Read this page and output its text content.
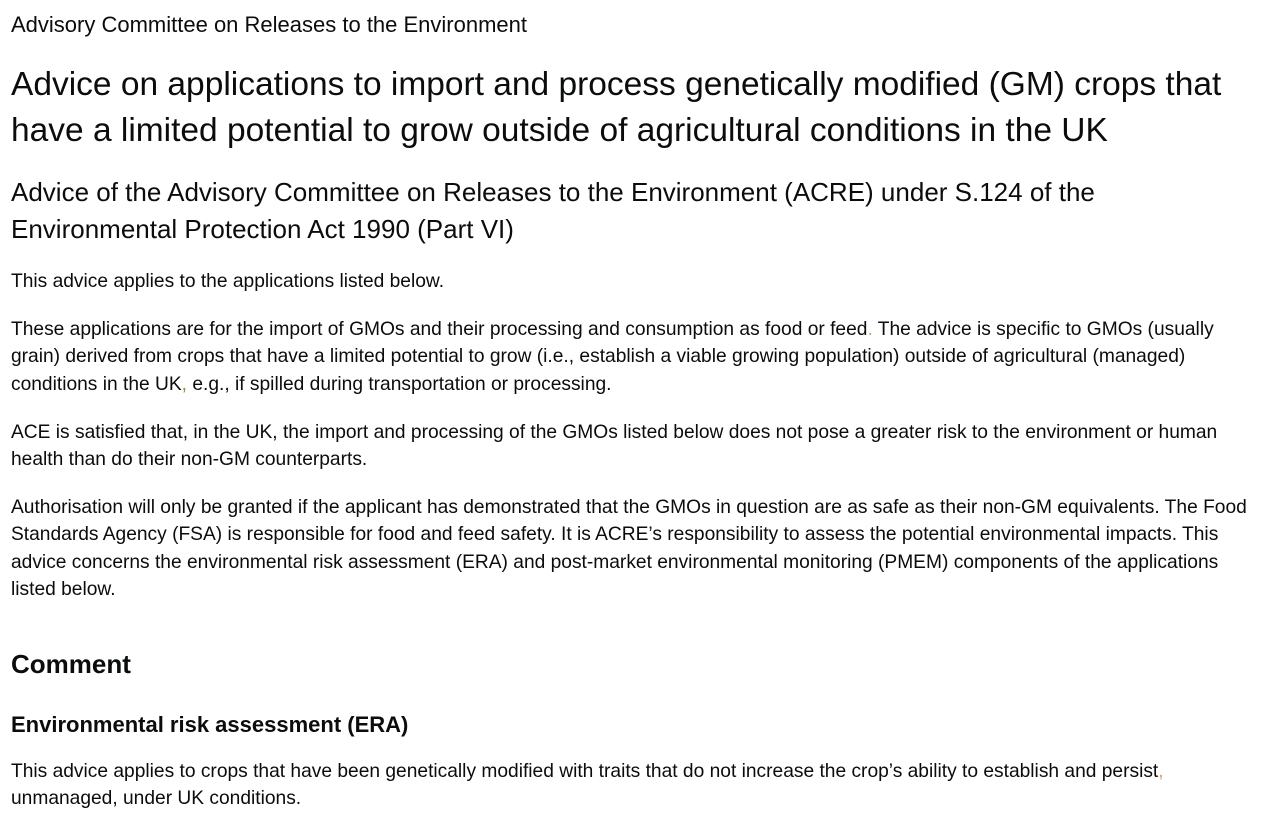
Advisory Committee on Releases to the Environment

Advice on applications to import and process genetically modified (GM) crops that have a limited potential to grow outside of agricultural conditions in the UK
Advice of the Advisory Committee on Releases to the Environment (ACRE) under S.124 of the Environmental Protection Act 1990 (Part VI)

This advice applies to the applications listed below.

These applications are for the import of GMOs and their processing and consumption as food or feed. The advice is specific to GMOs (usually grain) derived from crops that have a limited potential to grow (i.e., establish a viable growing population) outside of agricultural (managed) conditions in the UK, e.g., if spilled during transportation or processing.

ACE is satisfied that, in the UK, the import and processing of the GMOs listed below does not pose a greater risk to the environment or human health than do their non-GM counterparts.

Authorisation will only be granted if the applicant has demonstrated that the GMOs in question are as safe as their non-GM equivalents. The Food Standards Agency (FSA) is responsible for food and feed safety. It is ACRE’s responsibility to assess the potential environmental impacts. This advice concerns the environmental risk assessment (ERA) and post-market environmental monitoring (PMEM) components of the applications listed below.

Comment
Environmental risk assessment (ERA)

This advice applies to crops that have been genetically modified with traits that do not increase the crop’s ability to establish and persist, unmanaged, under UK conditions.
